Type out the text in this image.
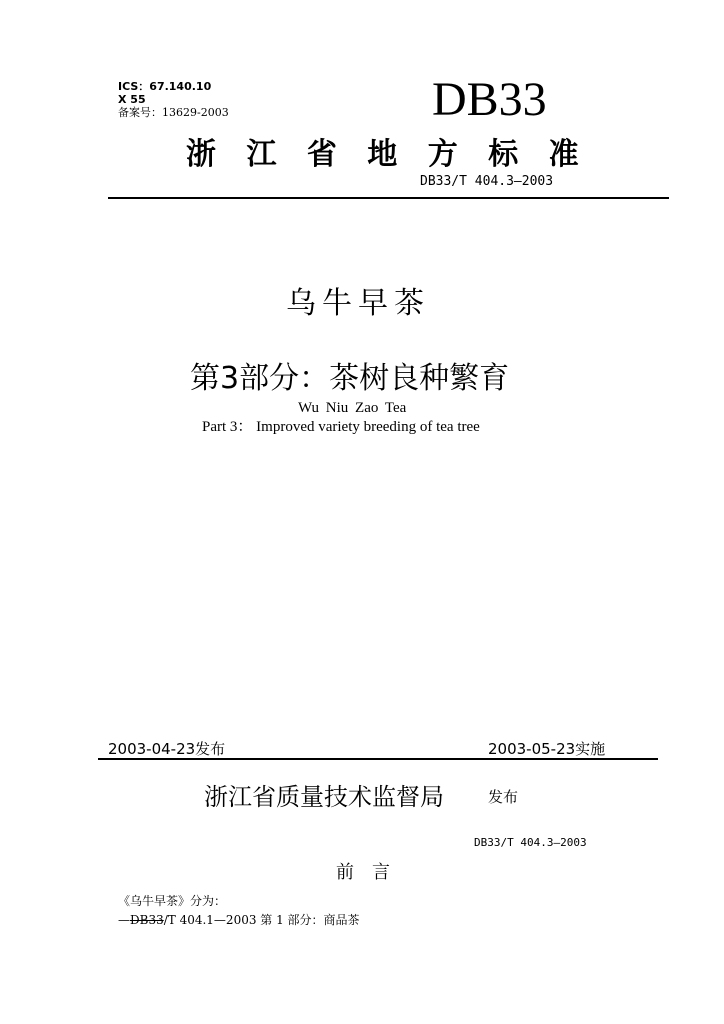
ICS：67.140.10
X 55
备案号：13629-2003	DB33
浙 江 省 地 方 标 准
DB33/T 404.3—2003
乌牛早茶
第3部分：茶树良种繁育
Wu Niu Zao Tea
Part 3： Improved variety breeding of tea tree
2003-04-23发布	2003-05-23实施
浙江省质量技术监督局	发布
DB33/T 404.3—2003
前言
《乌牛早茶》分为：
—DB33/T 404.1—2003 第 1 部分：商品茶
